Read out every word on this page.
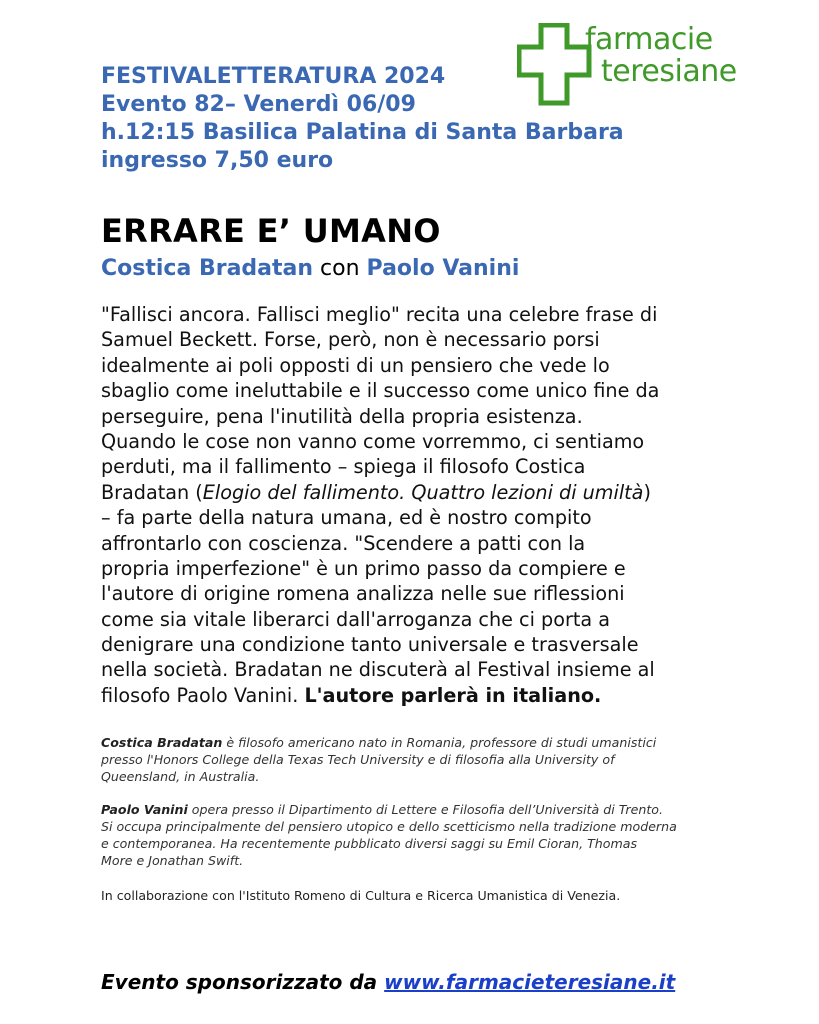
farmacie
teresiane
FESTIVALETTERATURA 2024
Evento 82– Venerdì 06/09
h.12:15 Basilica Palatina di Santa Barbara
ingresso 7,50 euro
ERRARE E’ UMANO
Costica Bradatan con Paolo Vanini
"Fallisci ancora. Fallisci meglio" recita una celebre frase di
Samuel Beckett. Forse, però, non è necessario porsi
idealmente ai poli opposti di un pensiero che vede lo
sbaglio come ineluttabile e il successo come unico fine da
perseguire, pena l'inutilità della propria esistenza.
Quando le cose non vanno come vorremmo, ci sentiamo
perduti, ma il fallimento – spiega il filosofo Costica
Bradatan (Elogio del fallimento. Quattro lezioni di umiltà)
– fa parte della natura umana, ed è nostro compito
affrontarlo con coscienza. "Scendere a patti con la
propria imperfezione" è un primo passo da compiere e
l'autore di origine romena analizza nelle sue riflessioni
come sia vitale liberarci dall'arroganza che ci porta a
denigrare una condizione tanto universale e trasversale
nella società. Bradatan ne discuterà al Festival insieme al
filosofo Paolo Vanini. L'autore parlerà in italiano.
Costica Bradatan è filosofo americano nato in Romania, professore di studi umanistici
presso l'Honors College della Texas Tech University e di filosofia alla University of
Queensland, in Australia.
Paolo Vanini opera presso il Dipartimento di Lettere e Filosofia dell’Università di Trento.
Si occupa principalmente del pensiero utopico e dello scetticismo nella tradizione moderna
e contemporanea. Ha recentemente pubblicato diversi saggi su Emil Cioran, Thomas
More e Jonathan Swift.
In collaborazione con l'Istituto Romeno di Cultura e Ricerca Umanistica di Venezia.
Evento sponsorizzato da www.farmacieteresiane.it
